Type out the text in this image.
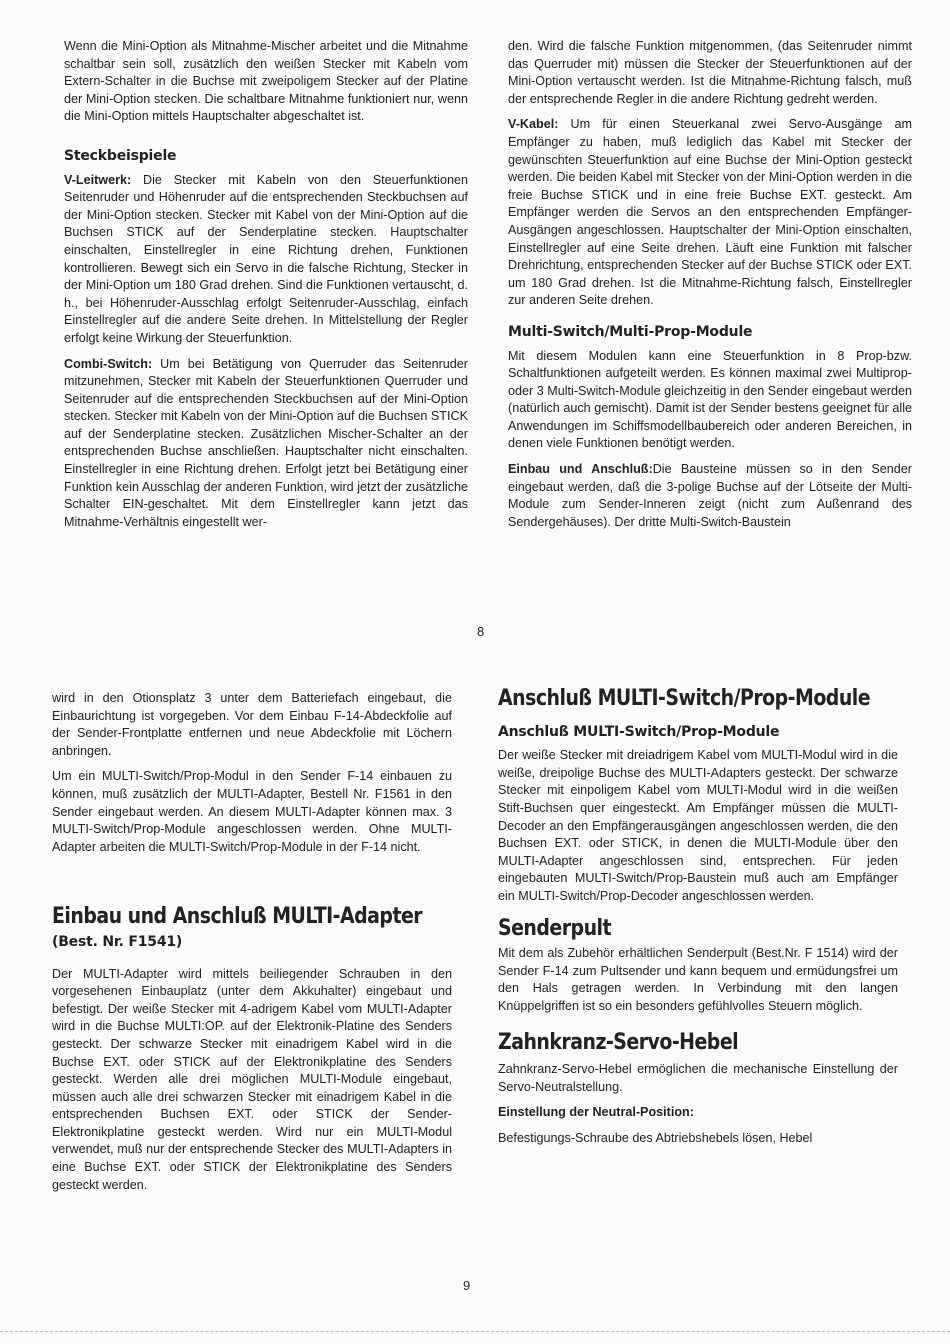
Wenn die Mini-Option als Mitnahme-Mischer arbeitet und die Mitnahme schaltbar sein soll, zusätzlich den weißen Stecker mit Kabeln vom Extern-Schalter in die Buchse mit zweipoligem Stecker auf der Platine der Mini-Option stecken. Die schaltbare Mitnahme funktioniert nur, wenn die Mini-Option mittels Hauptschalter abgeschaltet ist.

Steckbeispiele

V-Leitwerk: Die Stecker mit Kabeln von den Steuerfunktionen Seitenruder und Höhenruder auf die entsprechenden Steckbuchsen auf der Mini-Option stecken. Stecker mit Kabel von der Mini-Option auf die Buchsen STICK auf der Senderplatine stecken. Hauptschalter einschalten, Einstellregler in eine Richtung drehen, Funktionen kontrollieren. Bewegt sich ein Servo in die falsche Richtung, Stecker in der Mini-Option um 180 Grad drehen. Sind die Funktionen vertauscht, d. h., bei Höhenruder-Ausschlag erfolgt Seitenruder-Ausschlag, einfach Einstellregler auf die andere Seite drehen. In Mittelstellung der Regler erfolgt keine Wirkung der Steuerfunktion.

Combi-Switch: Um bei Betätigung von Querruder das Seitenruder mitzunehmen, Stecker mit Kabeln der Steuerfunktionen Querruder und Seitenruder auf die entsprechenden Steckbuchsen auf der Mini-Option stecken. Stecker mit Kabeln von der Mini-Option auf die Buchsen STICK auf der Senderplatine stecken. Zusätzlichen Mischer-Schalter an der entsprechenden Buchse anschließen. Hauptschalter nicht einschalten. Einstellregler in eine Richtung drehen. Erfolgt jetzt bei Betätigung einer Funktion kein Ausschlag der anderen Funktion, wird jetzt der zusätzliche Schalter EIN-geschaltet. Mit dem Einstellregler kann jetzt das Mitnahme-Verhältnis eingestellt wer-

den. Wird die falsche Funktion mitgenommen, (das Seitenruder nimmt das Querruder mit) müssen die Stecker der Steuerfunktionen auf der Mini-Option vertauscht werden. Ist die Mitnahme-Richtung falsch, muß der entsprechende Regler in die andere Richtung gedreht werden.

V-Kabel: Um für einen Steuerkanal zwei Servo-Ausgänge am Empfänger zu haben, muß lediglich das Kabel mit Stecker der gewünschten Steuerfunktion auf eine Buchse der Mini-Option gesteckt werden. Die beiden Kabel mit Stecker von der Mini-Option werden in die freie Buchse STICK und in eine freie Buchse EXT. gesteckt. Am Empfänger werden die Servos an den entsprechenden Empfänger-Ausgängen angeschlossen. Hauptschalter der Mini-Option einschalten, Einstellregler auf eine Seite drehen. Läuft eine Funktion mit falscher Drehrichtung, entsprechenden Stecker auf der Buchse STICK oder EXT. um 180 Grad drehen. Ist die Mitnahme-Richtung falsch, Einstellregler zur anderen Seite drehen.

Multi-Switch/Multi-Prop-Module

Mit diesem Modulen kann eine Steuerfunktion in 8 Prop-bzw. Schaltfunktionen aufgeteilt werden. Es können maximal zwei Multiprop- oder 3 Multi-Switch-Module gleichzeitig in den Sender eingebaut werden (natürlich auch gemischt). Damit ist der Sender bestens geeignet für alle Anwendungen im Schiffsmodellbaubereich oder anderen Bereichen, in denen viele Funktionen benötigt werden.

Einbau und Anschluß:Die Bausteine müssen so in den Sender eingebaut werden, daß die 3-polige Buchse auf der Lötseite der Multi-Module zum Sender-Inneren zeigt (nicht zum Außenrand des Sendergehäuses). Der dritte Multi-Switch-Baustein

8

wird in den Otionsplatz 3 unter dem Batteriefach eingebaut, die Einbaurichtung ist vorgegeben. Vor dem Einbau F-14-Abdeckfolie auf der Sender-Frontplatte entfernen und neue Abdeckfolie mit Löchern anbringen.

Um ein MULTI-Switch/Prop-Modul in den Sender F-14 einbauen zu können, muß zusätzlich der MULTI-Adapter, Bestell Nr. F1561 in den Sender eingebaut werden. An diesem MULTI-Adapter können max. 3 MULTI-Switch/Prop-Module angeschlossen werden. Ohne MULTI-Adapter arbeiten die MULTI-Switch/Prop-Module in der F-14 nicht.

Einbau und Anschluß MULTI-Adapter
(Best. Nr. F1541)

Der MULTI-Adapter wird mittels beiliegender Schrauben in den vorgesehenen Einbauplatz (unter dem Akkuhalter) eingebaut und befestigt. Der weiße Stecker mit 4-adrigem Kabel vom MULTI-Adapter wird in die Buchse MULTI:OP. auf der Elektronik-Platine des Senders gesteckt. Der schwarze Stecker mit einadrigem Kabel wird in die Buchse EXT. oder STICK auf der Elektronikplatine des Senders gesteckt. Werden alle drei möglichen MULTI-Module eingebaut, müssen auch alle drei schwarzen Stecker mit einadrigem Kabel in die entsprechenden Buchsen EXT. oder STICK der Sender-Elektronikplatine gesteckt werden. Wird nur ein MULTI-Modul verwendet, muß nur der entsprechende Stecker des MULTI-Adapters in eine Buchse EXT. oder STICK der Elektronikplatine des Senders gesteckt werden.

Anschluß MULTI-Switch/Prop-Module
Anschluß MULTI-Switch/Prop-Module

Der weiße Stecker mit dreiadrigem Kabel vom MULTI-Modul wird in die weiße, dreipolige Buchse des MULTI-Adapters gesteckt. Der schwarze Stecker mit einpoligem Kabel vom MULTI-Modul wird in die weißen Stift-Buchsen quer eingesteckt. Am Empfänger müssen die MULTI-Decoder an den Empfängerausgängen angeschlossen werden, die den Buchsen EXT. oder STICK, in denen die MULTI-Module über den MULTI-Adapter angeschlossen sind, entsprechen. Für jeden eingebauten MULTI-Switch/Prop-Baustein muß auch am Empfänger ein MULTI-Switch/Prop-Decoder angeschlossen werden.

Senderpult

Mit dem als Zubehör erhältlichen Senderpult (Best.Nr. F 1514) wird der Sender F-14 zum Pultsender und kann bequem und ermüdungsfrei um den Hals getragen werden. In Verbindung mit den langen Knüppelgriffen ist so ein besonders gefühlvolles Steuern möglich.

Zahnkranz-Servo-Hebel

Zahnkranz-Servo-Hebel ermöglichen die mechanische Einstellung der Servo-Neutralstellung.

Einstellung der Neutral-Position:

Befestigungs-Schraube des Abtriebshebels lösen, Hebel

9
